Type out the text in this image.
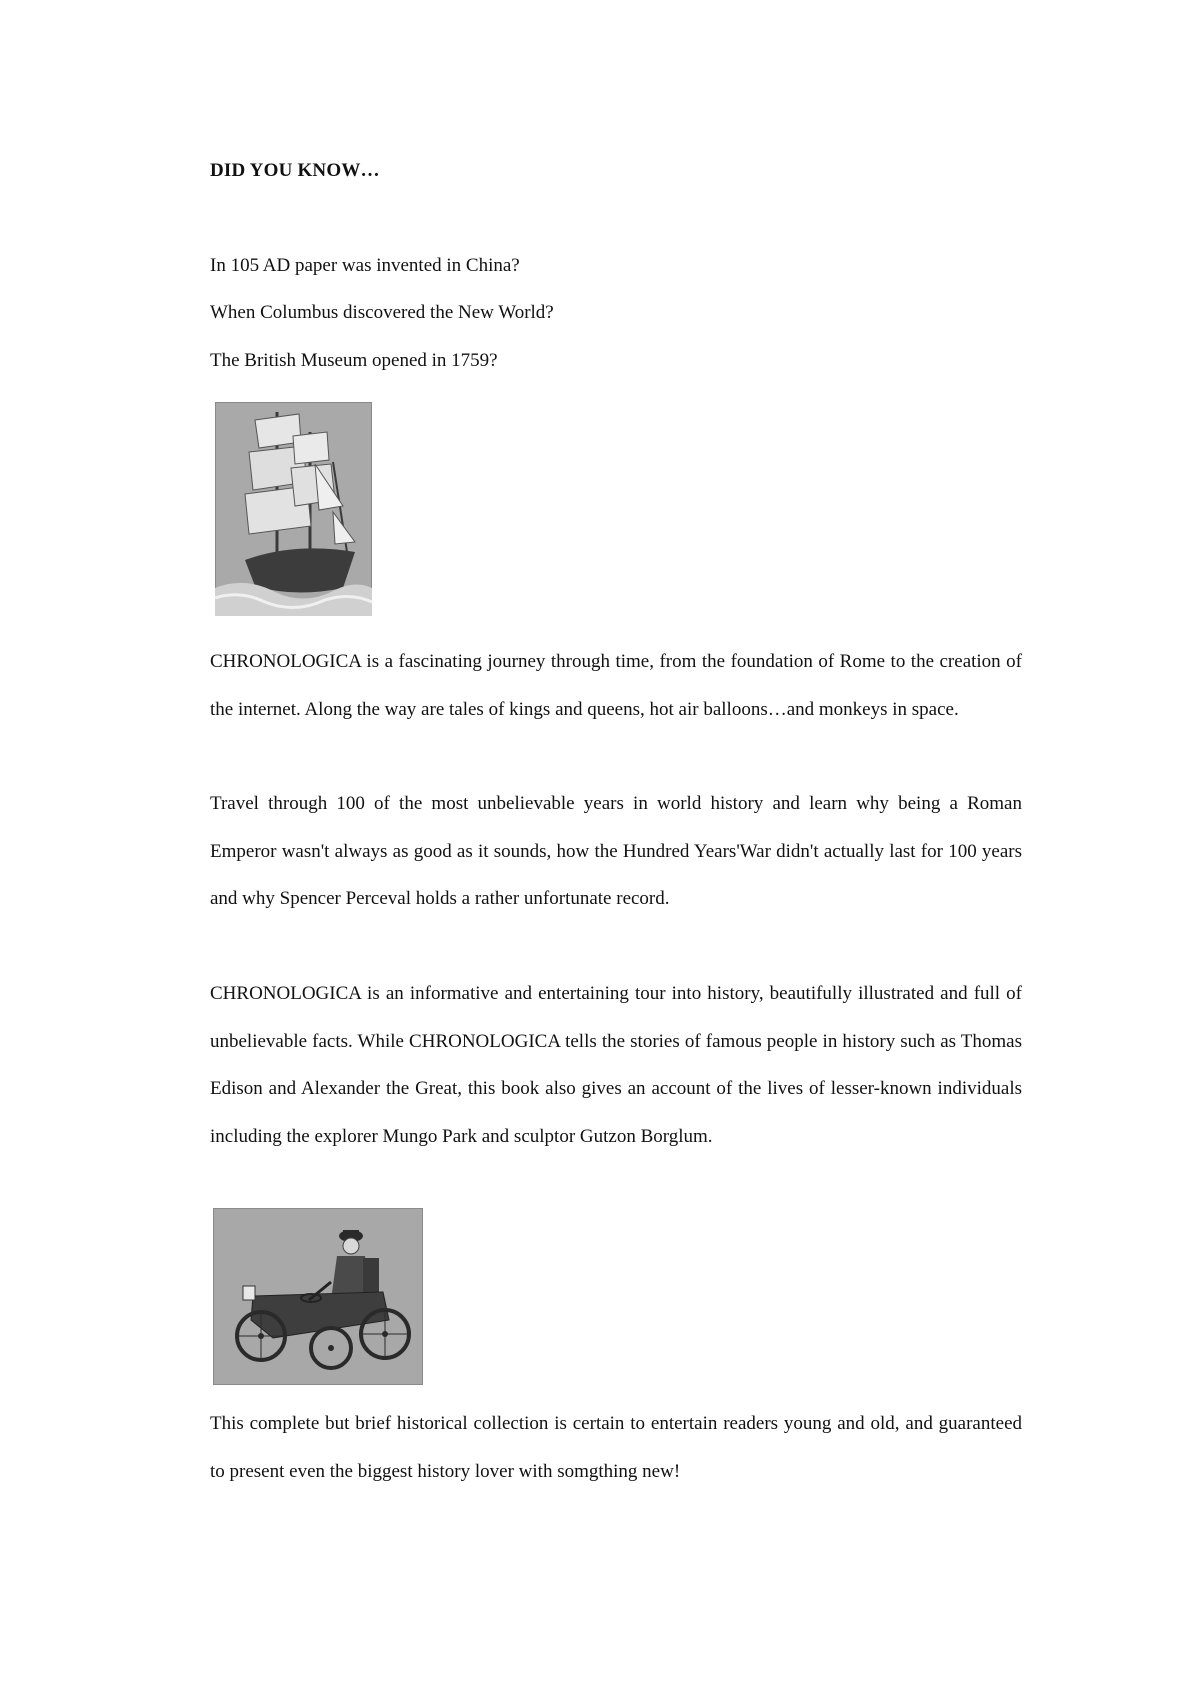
DID YOU KNOW…
In 105 AD paper was invented in China?
When Columbus discovered the New World?
The British Museum opened in 1759?

CHRONOLOGICA is a fascinating journey through time, from the foundation of Rome to the creation of the internet. Along the way are tales of kings and queens, hot air balloons…and monkeys in space.

Travel through 100 of the most unbelievable years in world history and learn why being a Roman Emperor wasn't always as good as it sounds, how the Hundred Years'War didn't actually last for 100 years and why Spencer Perceval holds a rather unfortunate record.

CHRONOLOGICA is an informative and entertaining tour into history, beautifully illustrated and full of unbelievable facts. While CHRONOLOGICA tells the stories of famous people in history such as Thomas Edison and Alexander the Great, this book also gives an account of the lives of lesser-known individuals including the explorer Mungo Park and sculptor Gutzon Borglum.

This complete but brief historical collection is certain to entertain readers young and old, and guaranteed to present even the biggest history lover with somgthing new!
